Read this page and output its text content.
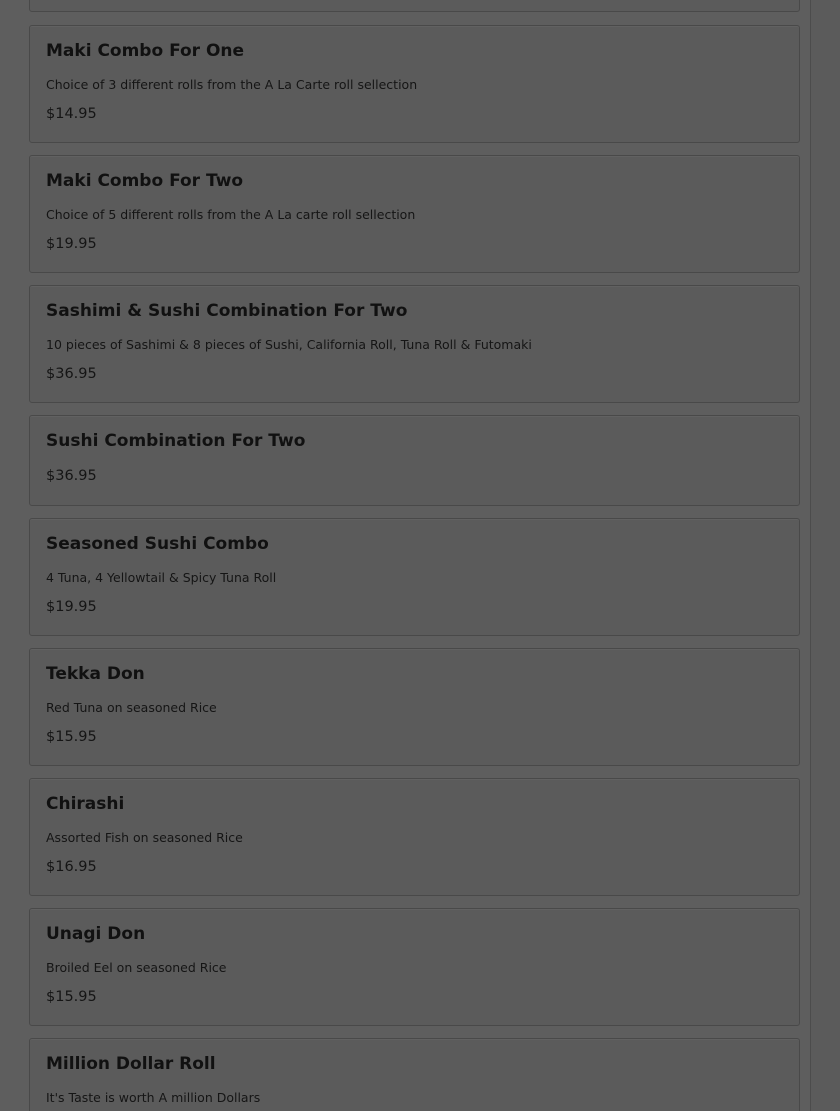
Maki Combo For One

Choice of 3 different rolls from the A La Carte roll sellection

$14.95

Maki Combo For Two

Choice of 5 different rolls from the A La carte roll sellection

$19.95

Sashimi & Sushi Combination For Two

10 pieces of Sashimi & 8 pieces of Sushi, California Roll, Tuna Roll & Futomaki

$36.95

Sushi Combination For Two

$36.95

Seasoned Sushi Combo

4 Tuna, 4 Yellowtail & Spicy Tuna Roll

$19.95

Tekka Don

Red Tuna on seasoned Rice

$15.95

Chirashi

Assorted Fish on seasoned Rice

$16.95

Unagi Don

Broiled Eel on seasoned Rice

$15.95

Million Dollar Roll

It's Taste is worth A million Dollars
